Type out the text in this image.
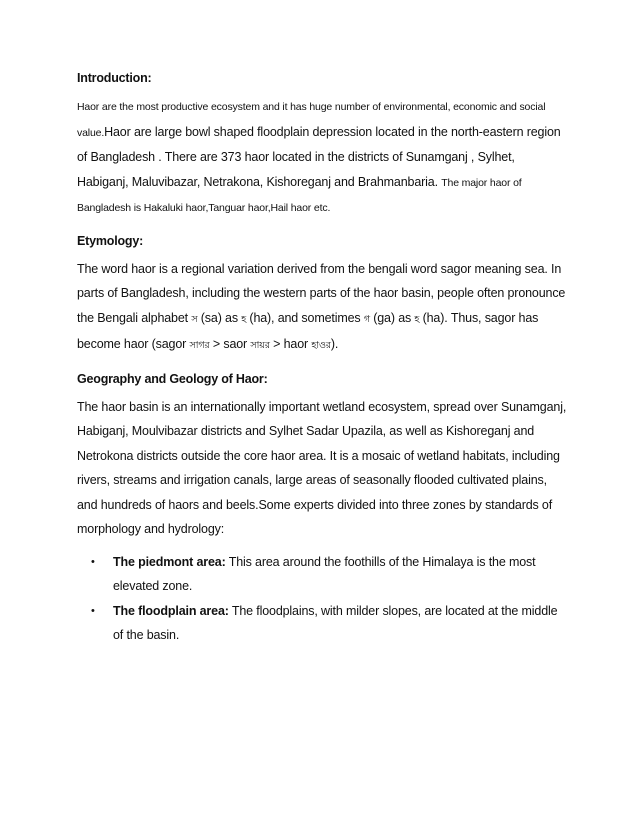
Introduction:

Haor are the most productive ecosystem and it has huge number of environmental, economic and social value.Haor are large bowl shaped floodplain depression located in the north-eastern region of Bangladesh . There are 373 haor located in the districts of Sunamganj , Sylhet, Habiganj, Maluvibazar, Netrakona, Kishoreganj and Brahmanbaria. The major haor of Bangladesh is Hakaluki haor,Tanguar haor,Hail haor etc.

Etymology:

The word haor is a regional variation derived from the bengali word sagor meaning sea. In parts of Bangladesh, including the western parts of the haor basin, people often pronounce the Bengali alphabet স (sa) as হ (ha), and sometimes গ (ga) as হ (ha). Thus, sagor has become haor (sagor সাগর > saor সায়র > haor হাওর).

Geography and Geology of Haor:

The haor basin is an internationally important wetland ecosystem, spread over Sunamganj, Habiganj, Moulvibazar districts and Sylhet Sadar Upazila, as well as Kishoreganj and Netrokona districts outside the core haor area. It is a mosaic of wetland habitats, including rivers, streams and irrigation canals, large areas of seasonally flooded cultivated plains, and hundreds of haors and beels.Some experts divided into three zones by standards of morphology and hydrology:

• The piedmont area: This area around the foothills of the Himalaya is the most elevated zone.
• The floodplain area: The floodplains, with milder slopes, are located at the middle of the basin.
